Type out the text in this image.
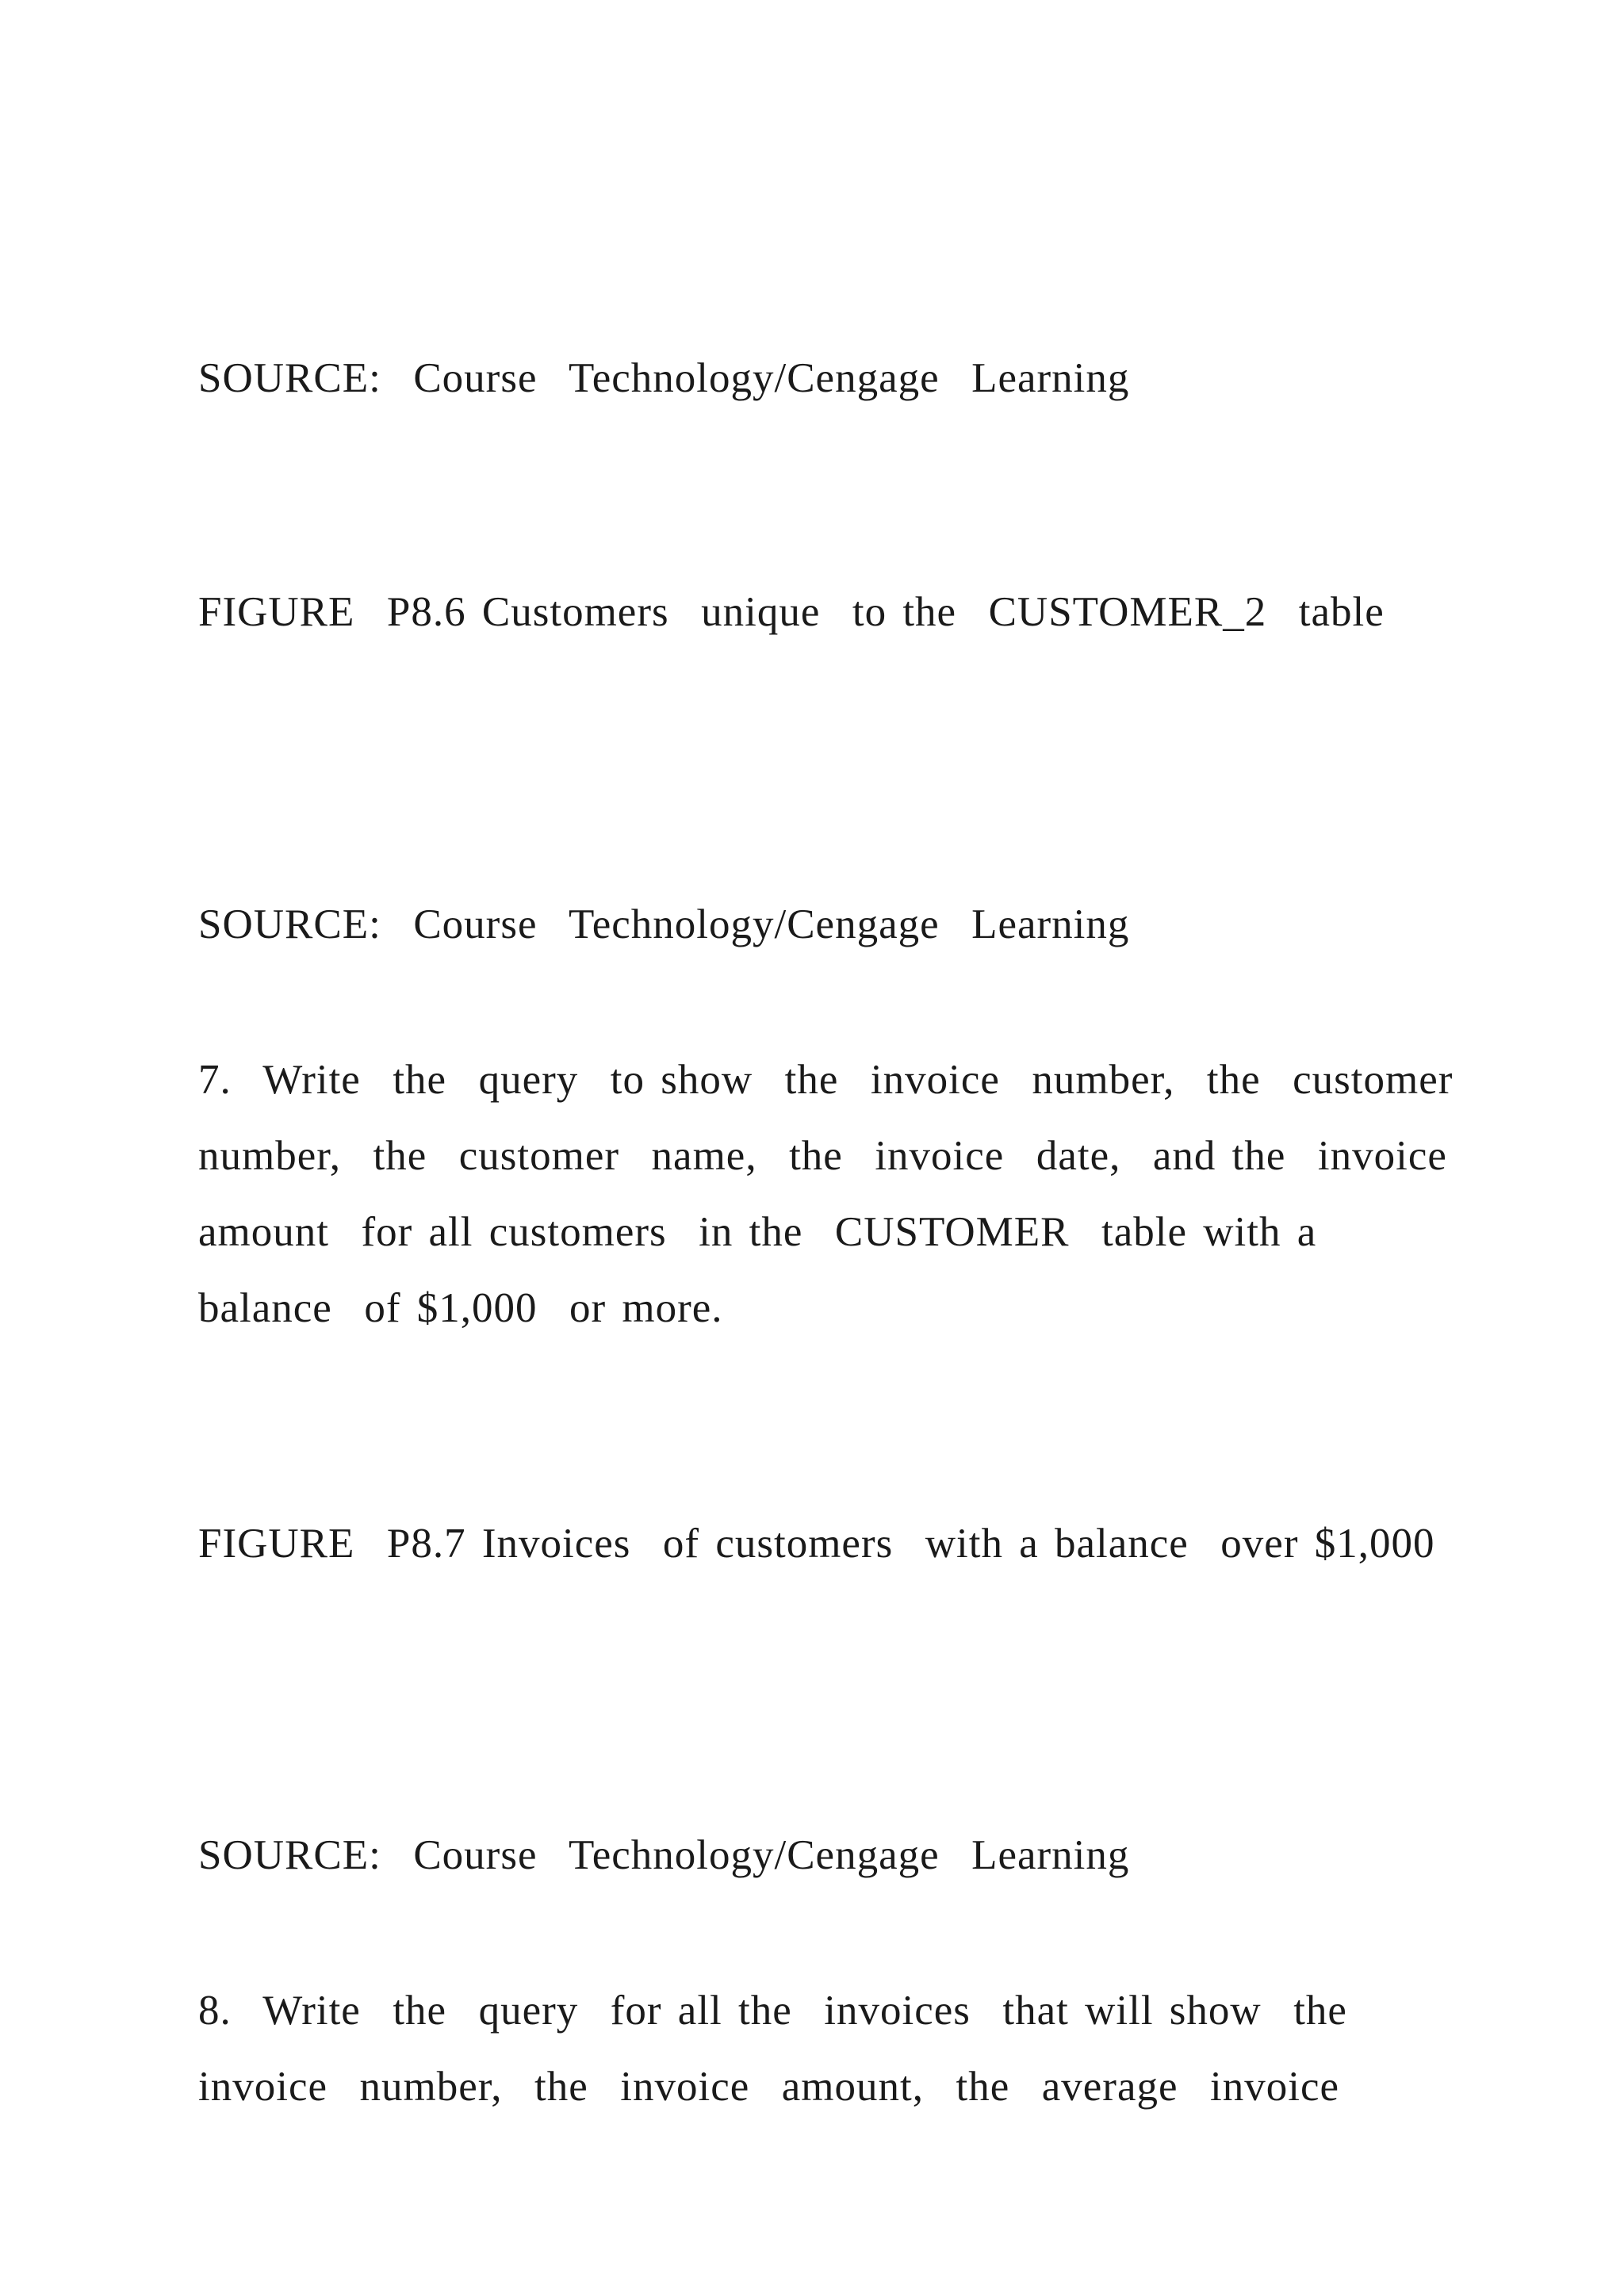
SOURCE:  Course  Technology/Cengage  Learning

FIGURE  P8.6 Customers  unique  to the  CUSTOMER_2  table

SOURCE:  Course  Technology/Cengage  Learning

7.  Write  the  query  to show  the  invoice  number,  the  customer

number,  the  customer  name,  the  invoice  date,  and the  invoice

amount  for all customers  in the  CUSTOMER  table with a

balance  of $1,000  or more.

FIGURE  P8.7 Invoices  of customers  with a balance  over $1,000

SOURCE:  Course  Technology/Cengage  Learning

8.  Write  the  query  for all the  invoices  that will show  the

invoice  number,  the  invoice  amount,  the  average  invoice
